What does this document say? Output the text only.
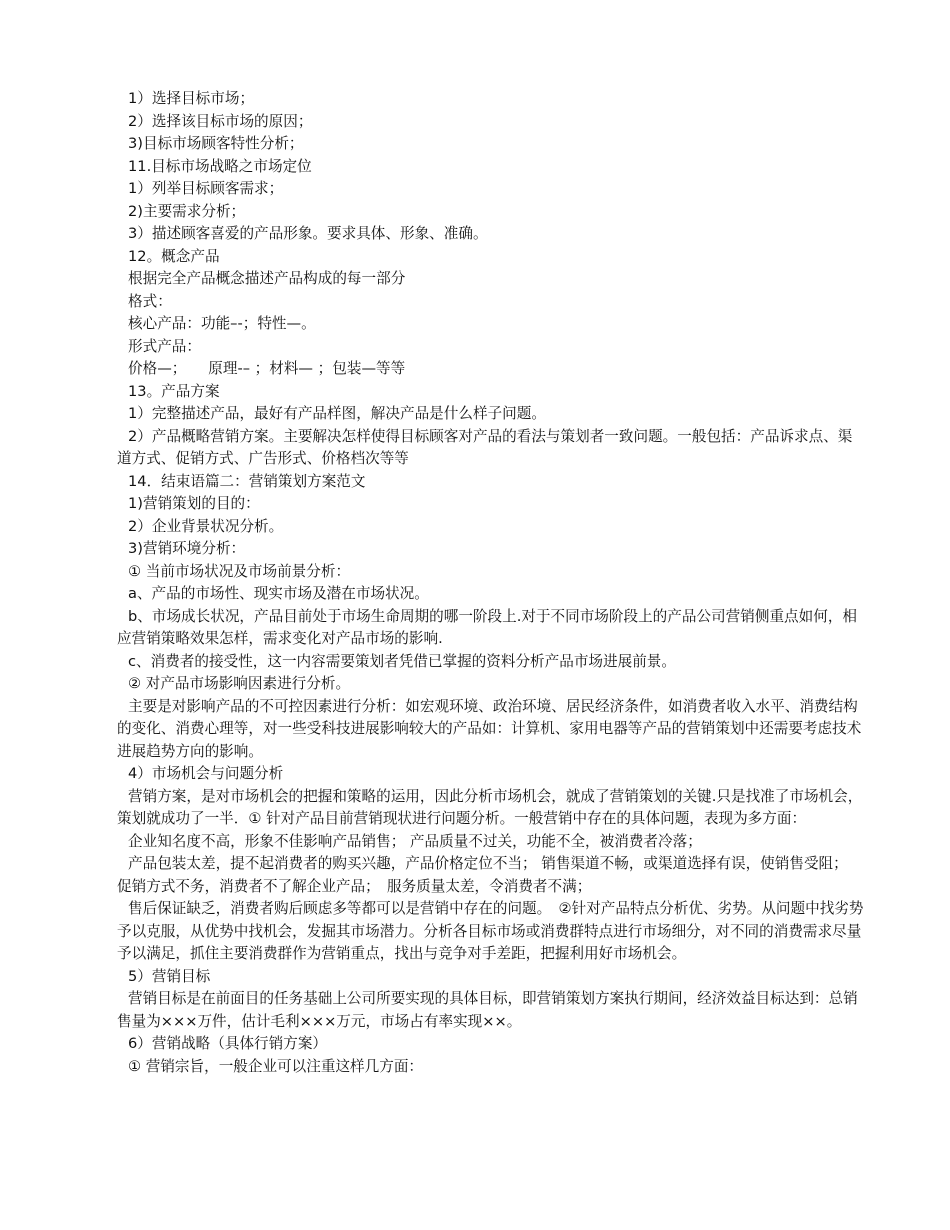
1）选择目标市场；

2）选择该目标市场的原因；

3)目标市场顾客特性分析；

11.目标市场战略之市场定位

1）列举目标顾客需求；

2)主要需求分析；

3）描述顾客喜爱的产品形象。要求具体、形象、准确。

12。概念产品

根据完全产品概念描述产品构成的每一部分

格式：

核心产品：功能–-；特性—。

形式产品：

价格—；　　原理-– ；材料— ；包装—等等

13。产品方案

1）完整描述产品，最好有产品样图，解决产品是什么样子问题。

2）产品概略营销方案。主要解决怎样使得目标顾客对产品的看法与策划者一致问题。一般包括：产品诉求点、渠道方式、促销方式、广告形式、价格档次等等

14．结束语篇二：营销策划方案范文

1)营销策划的目的：

2）企业背景状况分析。

3)营销环境分析：

① 当前市场状况及市场前景分析：

a、产品的市场性、现实市场及潜在市场状况。

b、市场成长状况，产品目前处于市场生命周期的哪一阶段上.对于不同市场阶段上的产品公司营销侧重点如何，相应营销策略效果怎样，需求变化对产品市场的影响.

c、消费者的接受性，这一内容需要策划者凭借已掌握的资料分析产品市场进展前景。

② 对产品市场影响因素进行分析。

主要是对影响产品的不可控因素进行分析：如宏观环境、政治环境、居民经济条件，如消费者收入水平、消费结构的变化、消费心理等，对一些受科技进展影响较大的产品如：计算机、家用电器等产品的营销策划中还需要考虑技术进展趋势方向的影响。

4）市场机会与问题分析

营销方案，是对市场机会的把握和策略的运用，因此分析市场机会，就成了营销策划的关键.只是找准了市场机会，策划就成功了一半．① 针对产品目前营销现状进行问题分析。一般营销中存在的具体问题，表现为多方面：

企业知名度不高，形象不佳影响产品销售； 产品质量不过关，功能不全，被消费者冷落；

产品包装太差，提不起消费者的购买兴趣，产品价格定位不当； 销售渠道不畅，或渠道选择有误，使销售受阻；　促销方式不务，消费者不了解企业产品；　服务质量太差，令消费者不满；

售后保证缺乏，消费者购后顾虑多等都可以是营销中存在的问题。　②针对产品特点分析优、劣势。从问题中找劣势予以克服，从优势中找机会，发掘其市场潜力。分析各目标市场或消费群特点进行市场细分，对不同的消费需求尽量予以满足，抓住主要消费群作为营销重点，找出与竞争对手差距，把握利用好市场机会。

5）营销目标

营销目标是在前面目的任务基础上公司所要实现的具体目标，即营销策划方案执行期间，经济效益目标达到：总销售量为×××万件，估计毛利×××万元，市场占有率实现××。

6）营销战略（具体行销方案）

① 营销宗旨，一般企业可以注重这样几方面：
